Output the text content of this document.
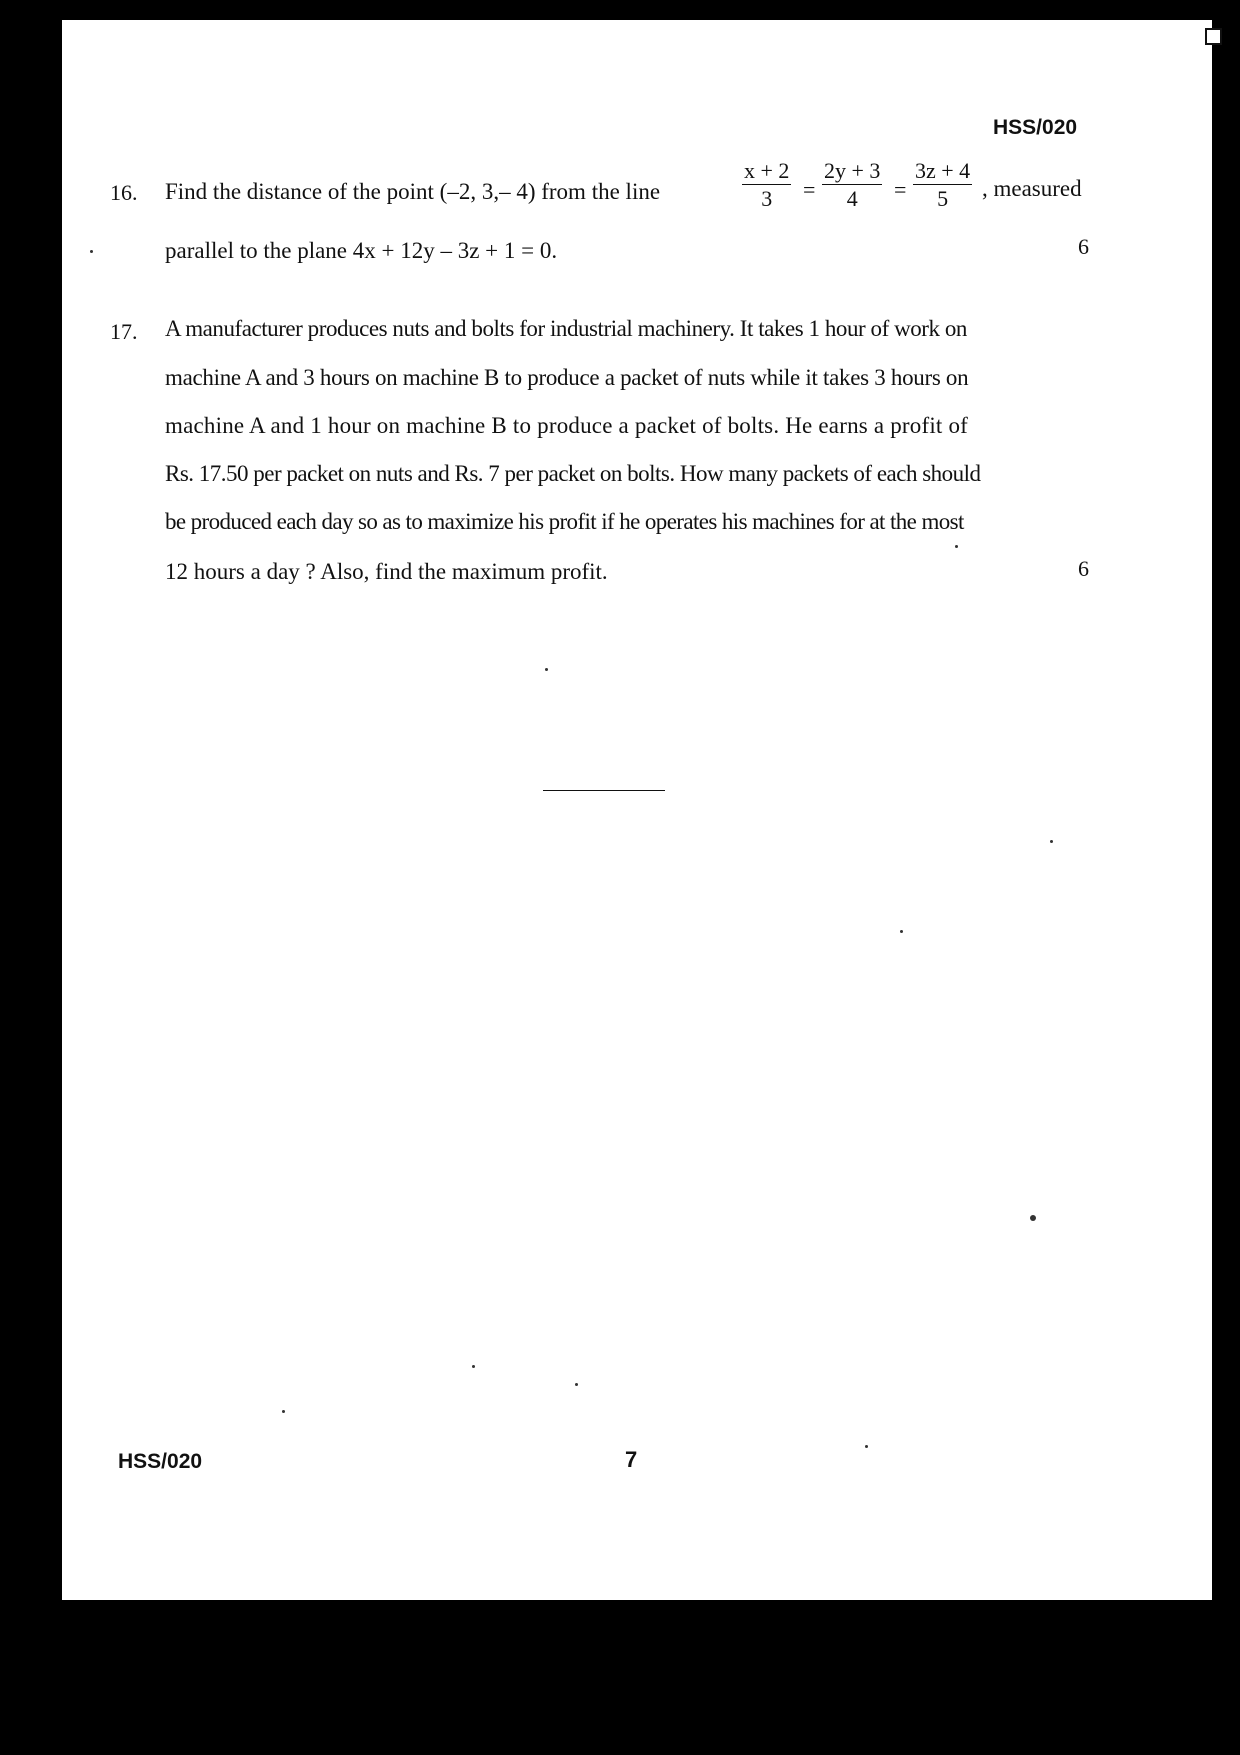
HSS/020
16. Find the distance of the point (–2, 3,– 4) from the line	$\frac{x + 2}{3} = \frac{2y + 3}{4} = \frac{3z + 4}{5}$ , measured
parallel to the plane 4x + 12y – 3z + 1 = 0.	6
17. A manufacturer produces nuts and bolts for industrial machinery. It takes 1 hour of work on
machine A and 3 hours on machine B to produce a packet of nuts while it takes 3 hours on
machine A and 1 hour on machine B to produce a packet of bolts. He earns a profit of
Rs. 17.50 per packet on nuts and Rs. 7 per packet on bolts. How many packets of each should
be produced each day so as to maximize his profit if he operates his machines for at the most
12 hours a day ? Also, find the maximum profit.	6
HSS/020	7
